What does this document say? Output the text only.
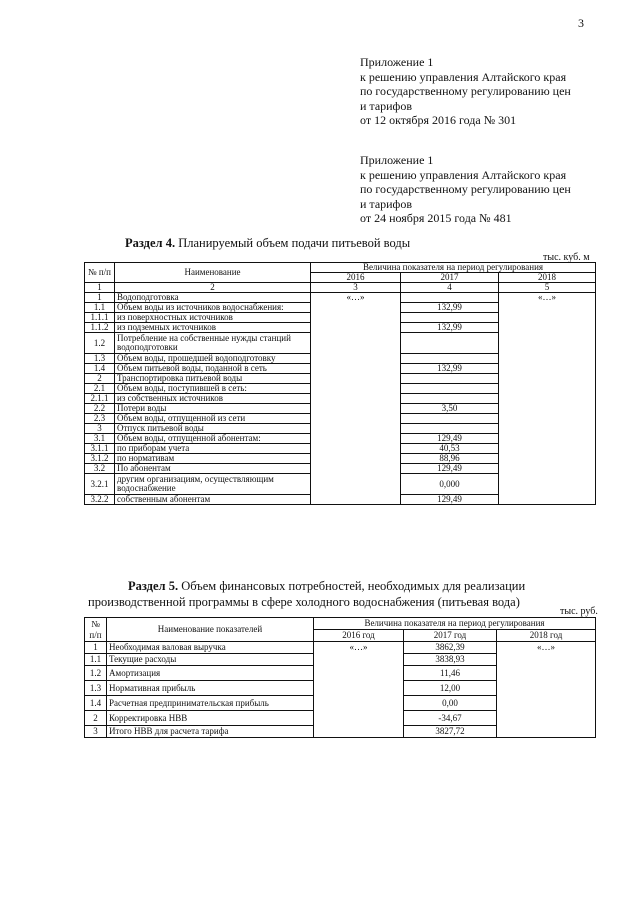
3
Приложение 1
к решению управления Алтайского края
по государственному регулированию цен
и тарифов
от 12 октября 2016 года № 301
Приложение 1
к решению управления Алтайского края
по государственному регулированию цен
и тарифов
от 24 ноября 2015 года № 481
Раздел 4. Планируемый объем подачи питьевой воды
тыс. куб. м
№ п/п	Наименование	Величина показателя на период регулирования		
		2016	2017	2018
1	2	3	4	5
1	Водоподготовка	«…»		«…»
1.1	Объем воды из источников водоснабжения:		132,99	
1.1.1	из поверхностных источников			
1.1.2	из подземных источников		132,99	
1.2	Потребление на собственные нужды станций водоподготовки			
1.3	Объем воды, прошедшей водоподготовку			
1.4	Объем питьевой воды, поданной в сеть		132,99	
2	Транспортировка питьевой воды			
2.1	Объем воды, поступившей в сеть:			
2.1.1	из собственных источников			
2.2	Потери воды		3,50	
2.3	Объем воды, отпущенной из сети			
3	Отпуск питьевой воды			
3.1	Объем воды, отпущенной абонентам:		129,49	
3.1.1	по приборам учета		40,53	
3.1.2	по нормативам		88,96	
3.2	По абонентам		129,49	
3.2.1	другим организациям, осуществляющим водоснабжение		0,000	
3.2.2	собственным абонентам		129,49	
Раздел 5. Объем финансовых потребностей, необходимых для реализации производственной программы в сфере холодного водоснабжения (питьевая вода)
тыс. руб.
№ п/п	Наименование показателей	Величина показателя на период регулирования		
		2016 год	2017 год	2018 год
1	Необходимая валовая выручка	«…»	3862,39	«…»
1.1	Текущие расходы		3838,93	
1.2	Амортизация		11,46	
1.3	Нормативная прибыль		12,00	
1.4	Расчетная предпринимательская прибыль		0,00	
2	Корректировка НВВ		-34,67	
3	Итого НВВ для расчета тарифа		3827,72	
